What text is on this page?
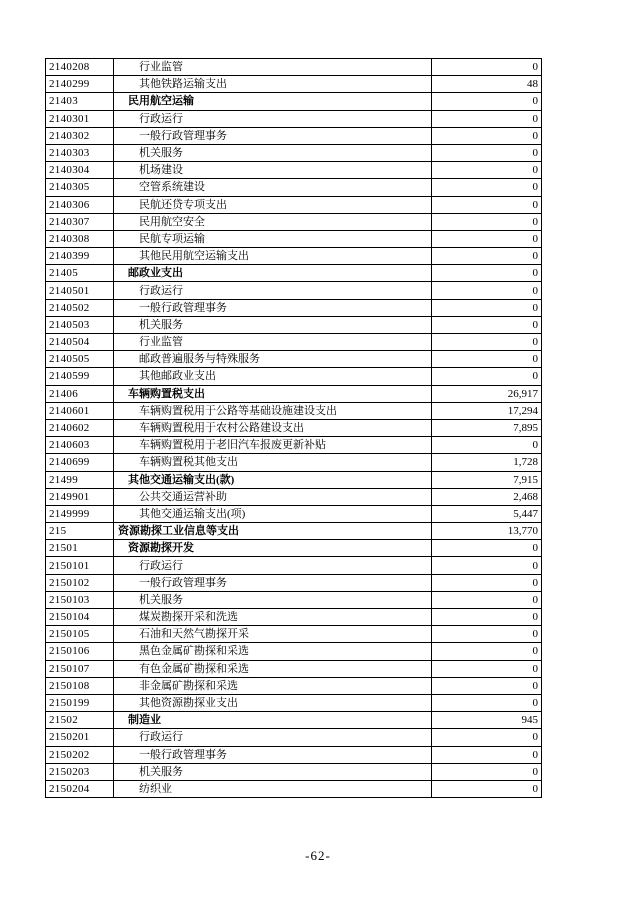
2140208	行业监管	0
2140299	其他铁路运输支出	48
21403	民用航空运输	0
2140301	行政运行	0
2140302	一般行政管理事务	0
2140303	机关服务	0
2140304	机场建设	0
2140305	空管系统建设	0
2140306	民航还贷专项支出	0
2140307	民用航空安全	0
2140308	民航专项运输	0
2140399	其他民用航空运输支出	0
21405	邮政业支出	0
2140501	行政运行	0
2140502	一般行政管理事务	0
2140503	机关服务	0
2140504	行业监管	0
2140505	邮政普遍服务与特殊服务	0
2140599	其他邮政业支出	0
21406	车辆购置税支出	26,917
2140601	车辆购置税用于公路等基础设施建设支出	17,294
2140602	车辆购置税用于农村公路建设支出	7,895
2140603	车辆购置税用于老旧汽车报废更新补贴	0
2140699	车辆购置税其他支出	1,728
21499	其他交通运输支出(款)	7,915
2149901	公共交通运营补助	2,468
2149999	其他交通运输支出(项)	5,447
215	资源勘探工业信息等支出	13,770
21501	资源勘探开发	0
2150101	行政运行	0
2150102	一般行政管理事务	0
2150103	机关服务	0
2150104	煤炭勘探开采和洗选	0
2150105	石油和天然气勘探开采	0
2150106	黑色金属矿勘探和采选	0
2150107	有色金属矿勘探和采选	0
2150108	非金属矿勘探和采选	0
2150199	其他资源勘探业支出	0
21502	制造业	945
2150201	行政运行	0
2150202	一般行政管理事务	0
2150203	机关服务	0
2150204	纺织业	0
-62-
